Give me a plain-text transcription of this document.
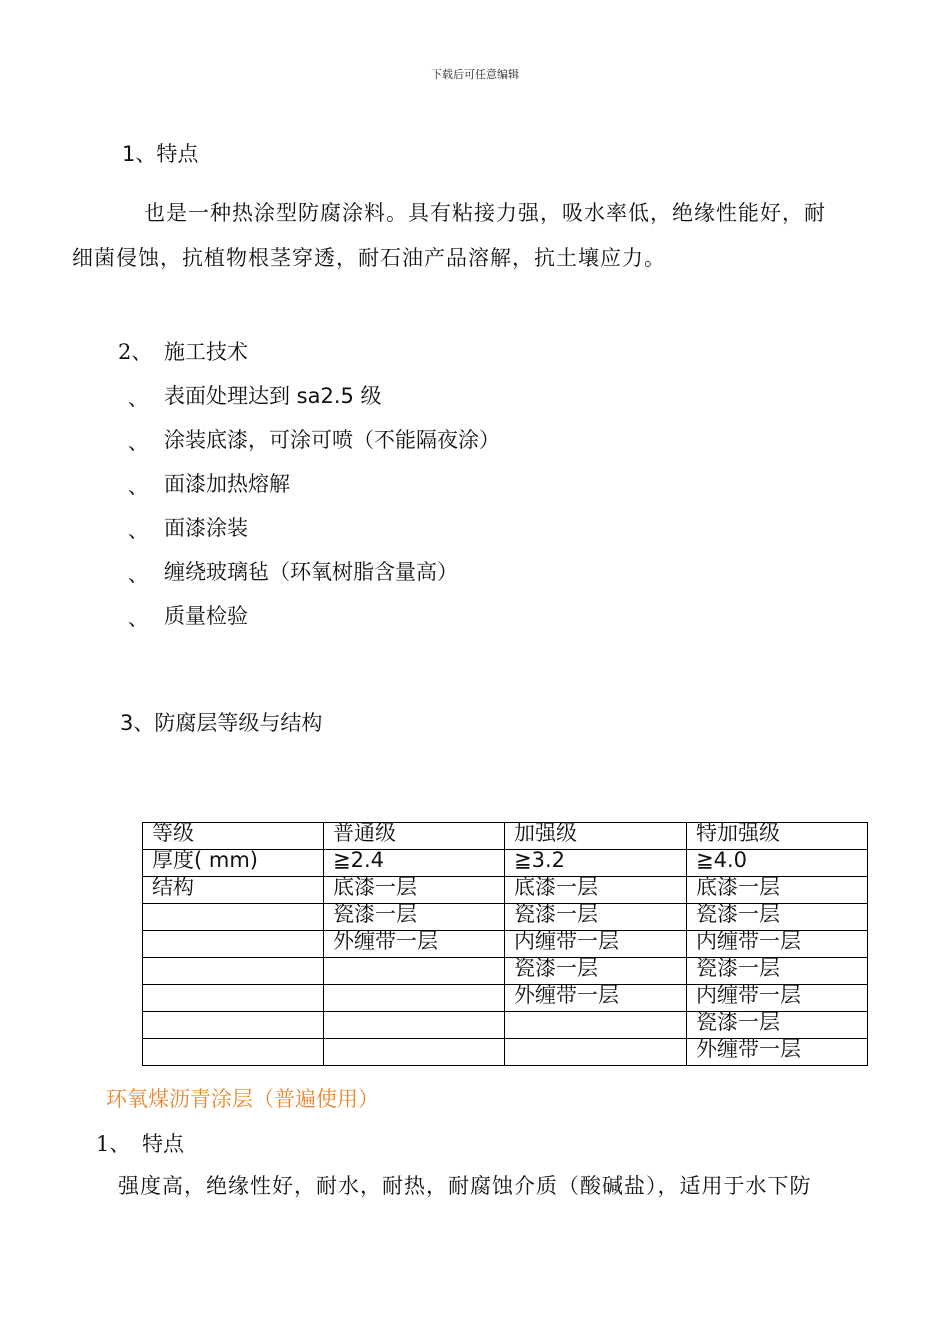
下载后可任意编辑
1、特点
也是一种热涂型防腐涂料。具有粘接力强，吸水率低，绝缘性能好，耐
细菌侵蚀，抗植物根茎穿透，耐石油产品溶解，抗土壤应力。
2、 施工技术
、 表面处理达到 sa2.5 级
、 涂装底漆，可涂可喷（不能隔夜涂）
、 面漆加热熔解
、 面漆涂装
、 缠绕玻璃毡（环氧树脂含量高）
、 质量检验
3、防腐层等级与结构
等级	普通级	加强级	特加强级
厚度( mm)	≧2.4	≧3.2	≧4.0
结构	底漆一层	底漆一层	底漆一层
	瓷漆一层	瓷漆一层	瓷漆一层
	外缠带一层	内缠带一层	内缠带一层
		瓷漆一层	瓷漆一层
		外缠带一层	内缠带一层
			瓷漆一层
			外缠带一层
环氧煤沥青涂层（普遍使用）
1、 特点
强度高，绝缘性好，耐水，耐热，耐腐蚀介质（酸碱盐），适用于水下防
